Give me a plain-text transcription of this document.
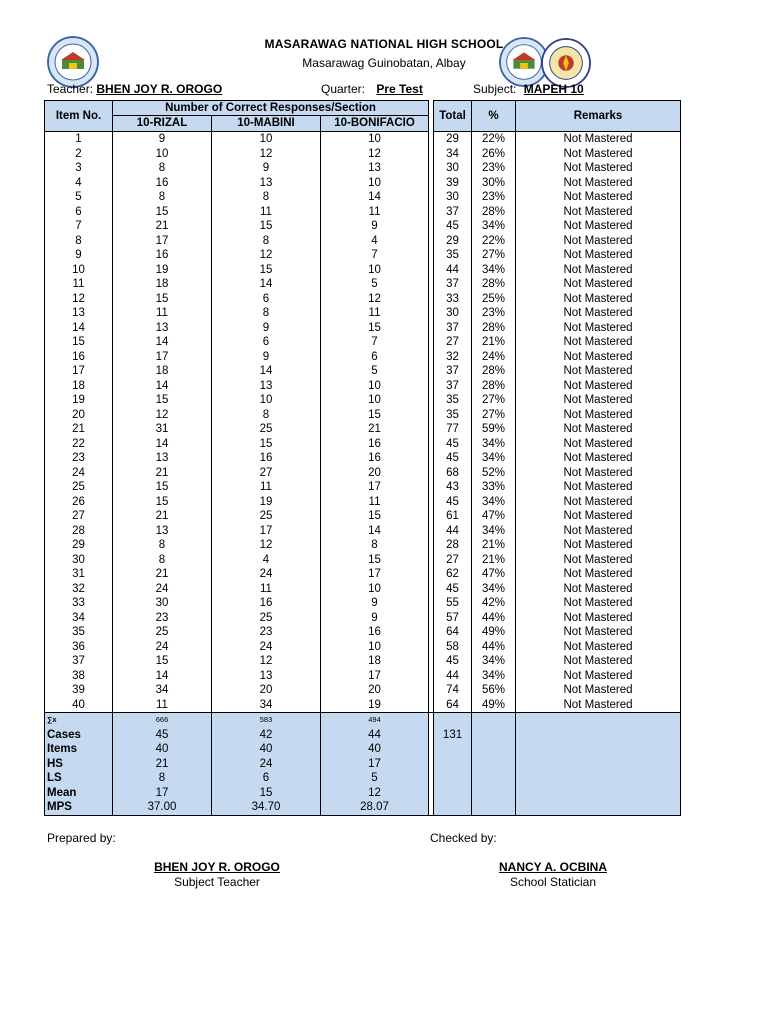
MASARAWAG NATIONAL HIGH SCHOOL
Masarawag Guinobatan, Albay
Teacher: BHEN JOY R. OROGO	Quarter: Pre Test	Subject: MAPEH 10
Item No.	Number of Correct Responses/Section				Total	%	Remarks
	10-RIZAL	10-MABINI	10-BONIFACIO				
1	9	10	10		29	22%	Not Mastered
2	10	12	12		34	26%	Not Mastered
3	8	9	13		30	23%	Not Mastered
4	16	13	10		39	30%	Not Mastered
5	8	8	14		30	23%	Not Mastered
6	15	11	11		37	28%	Not Mastered
7	21	15	9		45	34%	Not Mastered
8	17	8	4		29	22%	Not Mastered
9	16	12	7		35	27%	Not Mastered
10	19	15	10		44	34%	Not Mastered
11	18	14	5		37	28%	Not Mastered
12	15	6	12		33	25%	Not Mastered
13	11	8	11		30	23%	Not Mastered
14	13	9	15		37	28%	Not Mastered
15	14	6	7		27	21%	Not Mastered
16	17	9	6		32	24%	Not Mastered
17	18	14	5		37	28%	Not Mastered
18	14	13	10		37	28%	Not Mastered
19	15	10	10		35	27%	Not Mastered
20	12	8	15		35	27%	Not Mastered
21	31	25	21		77	59%	Not Mastered
22	14	15	16		45	34%	Not Mastered
23	13	16	16		45	34%	Not Mastered
24	21	27	20		68	52%	Not Mastered
25	15	11	17		43	33%	Not Mastered
26	15	19	11		45	34%	Not Mastered
27	21	25	15		61	47%	Not Mastered
28	13	17	14		44	34%	Not Mastered
29	8	12	8		28	21%	Not Mastered
30	8	4	15		27	21%	Not Mastered
31	21	24	17		62	47%	Not Mastered
32	24	11	10		45	34%	Not Mastered
33	30	16	9		55	42%	Not Mastered
34	23	25	9		57	44%	Not Mastered
35	25	23	16		64	49%	Not Mastered
36	24	24	10		58	44%	Not Mastered
37	15	12	18		45	34%	Not Mastered
38	14	13	17		44	34%	Not Mastered
39	34	20	20		74	56%	Not Mastered
40	11	34	19		64	49%	Not Mastered
∑x	666	583	494				
Cases	45	42	44		131		
Items	40	40	40				
HS	21	24	17				
LS	8	6	5				
Mean	17	15	12				
MPS	37.00	34.70	28.07				
Prepared by:	Checked by:
BHEN JOY R. OROGO
Subject Teacher
NANCY A. OCBINA
School Statician
